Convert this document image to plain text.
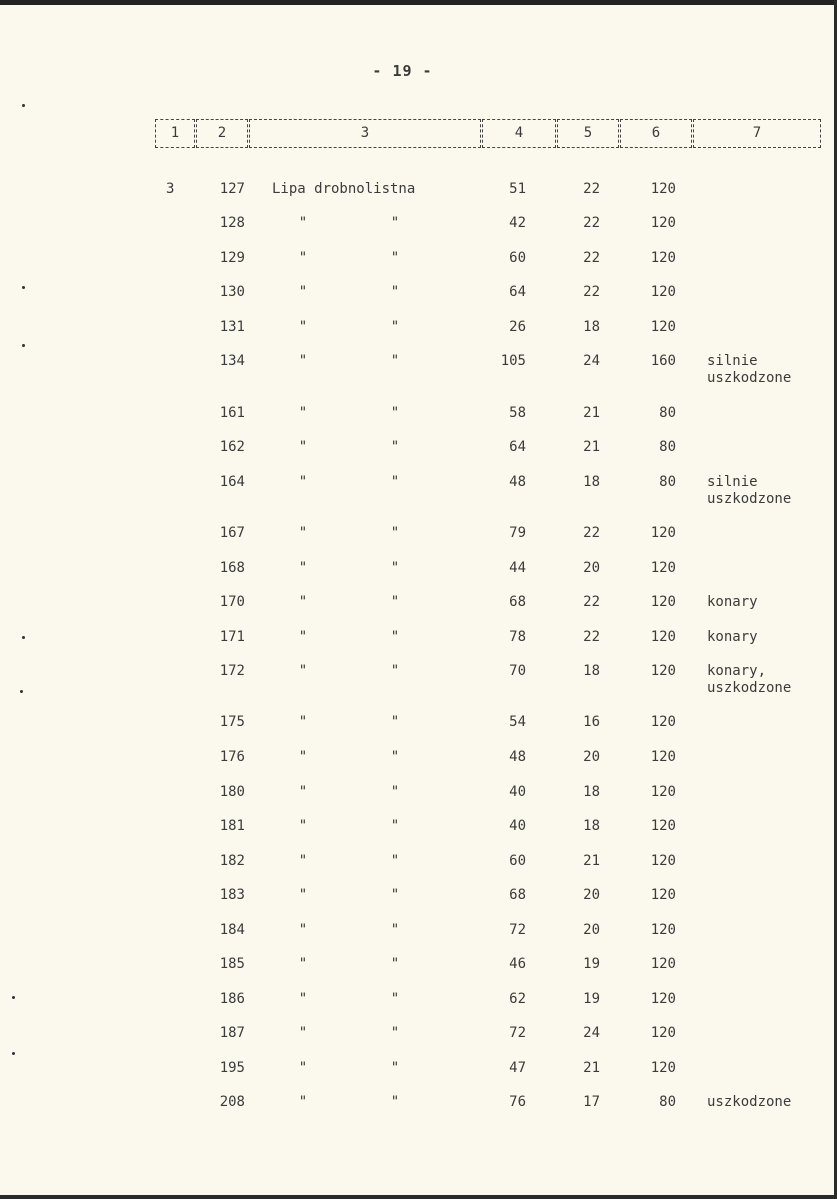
- 19 -
1	2	3	4	5	6	7
3	127 Lipa drobnolistna	51	22	120
128	"	"	42	22	120
129	"	"	60	22	120
130	"	"	64	22	120
131	"	"	26	18	120
134	"	"	105	24	160 silnie
uszkodzone
161	"	"	58	21	80
162	"	"	64	21	80
164	"	"	48	18	80 silnie
uszkodzone
167	"	"	79	22	120
168	"	"	44	20	120
170	"	"	68	22	120 konary
171	"	"	78	22	120 konary
172	"	"	70	18	120 konary,
uszkodzone
175	"	"	54	16	120
176	"	"	48	20	120
180	"	"	40	18	120
181	"	"	40	18	120
182	"	"	60	21	120
183	"	"	68	20	120
184	"	"	72	20	120
185	"	"	46	19	120
186	"	"	62	19	120
187	"	"	72	24	120
195	"	"	47	21	120
208	"	"	76	17	80 uszkodzone
